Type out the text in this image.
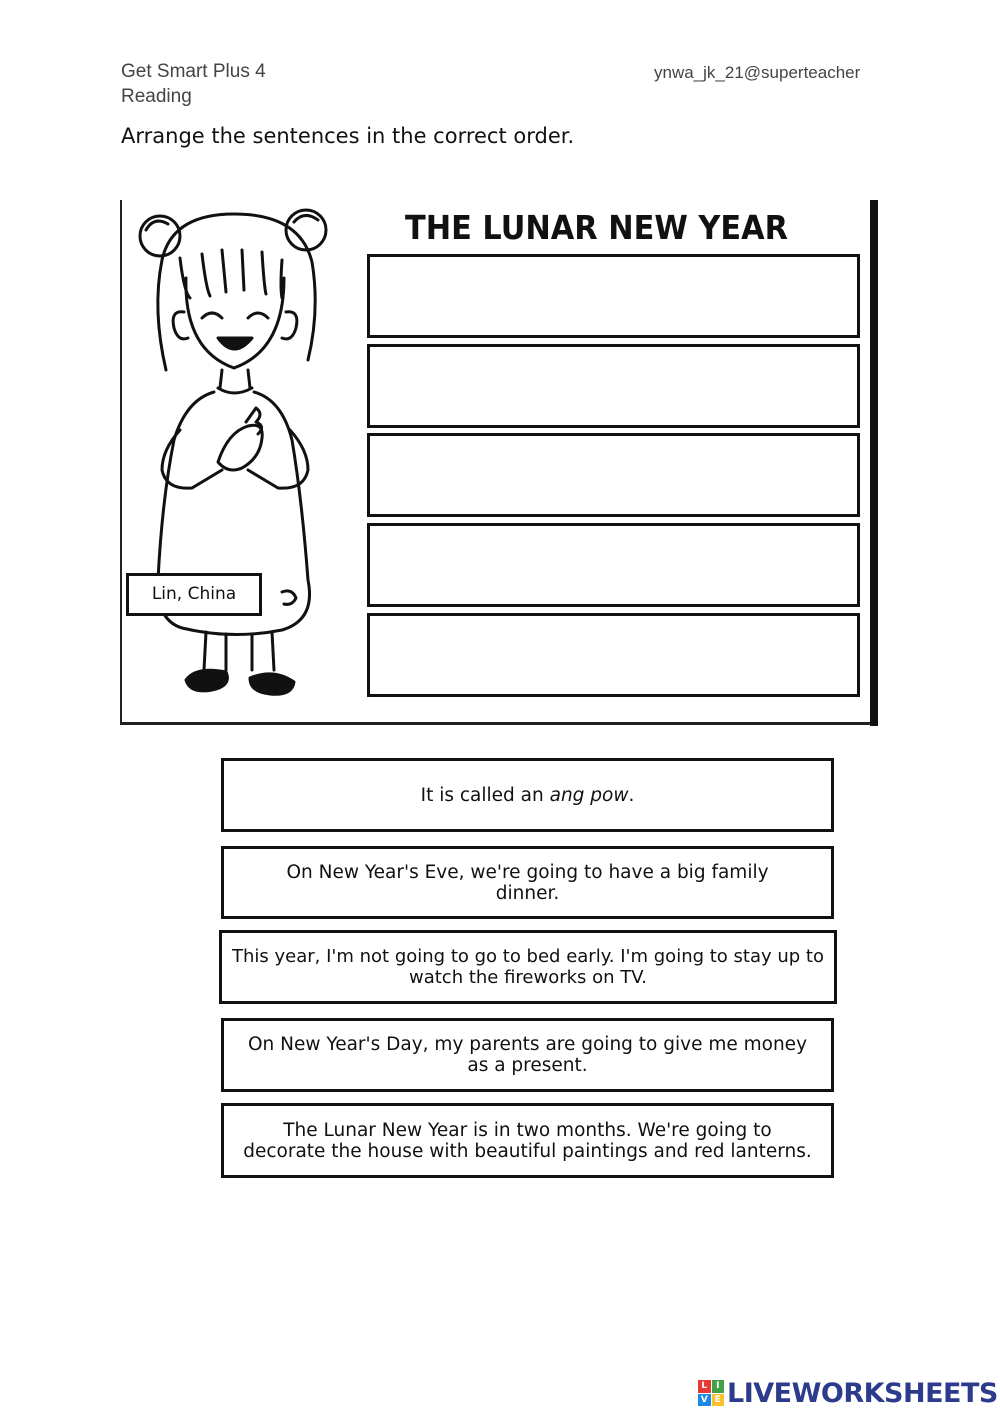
Get Smart Plus 4
Reading
ynwa_jk_21@superteacher
Arrange the sentences in the correct order.
THE LUNAR NEW YEAR
Lin, China
It is called an ang pow.
On New Year's Eve, we're going to have a big family dinner.
This year, I'm not going to go to bed early. I'm going to stay up to watch the fireworks on TV.
On New Year's Day, my parents are going to give me money as a present.
The Lunar New Year is in two months. We're going to decorate the house with beautiful paintings and red lanterns.
L I
V E LIVEWORKSHEETS
